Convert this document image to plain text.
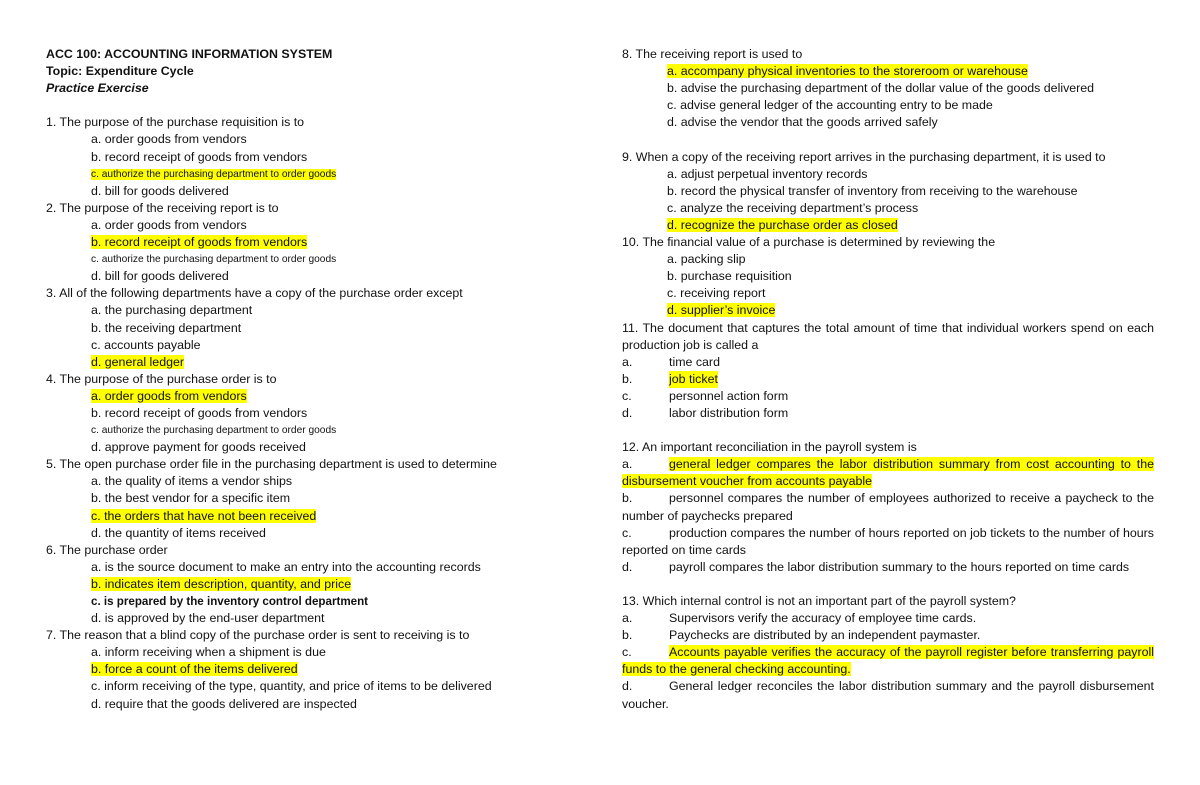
ACC 100: ACCOUNTING INFORMATION SYSTEM
Topic: Expenditure Cycle
Practice Exercise
1. The purpose of the purchase requisition is to
a. order goods from vendors
b. record receipt of goods from vendors
c. authorize the purchasing department to order goods
d. bill for goods delivered
2. The purpose of the receiving report is to
a. order goods from vendors
b. record receipt of goods from vendors
c. authorize the purchasing department to order goods
d. bill for goods delivered
3. All of the following departments have a copy of the purchase order except
a. the purchasing department
b. the receiving department
c. accounts payable
d. general ledger
4. The purpose of the purchase order is to
a. order goods from vendors
b. record receipt of goods from vendors
c. authorize the purchasing department to order goods
d. approve payment for goods received
5. The open purchase order file in the purchasing department is used to determine
a. the quality of items a vendor ships
b. the best vendor for a specific item
c. the orders that have not been received
d. the quantity of items received
6. The purchase order
a. is the source document to make an entry into the accounting records
b. indicates item description, quantity, and price
c. is prepared by the inventory control department
d. is approved by the end-user department
7. The reason that a blind copy of the purchase order is sent to receiving is to
a. inform receiving when a shipment is due
b. force a count of the items delivered
c. inform receiving of the type, quantity, and price of items to be delivered
d. require that the goods delivered are inspected
8. The receiving report is used to
a. accompany physical inventories to the storeroom or warehouse
b. advise the purchasing department of the dollar value of the goods delivered
c. advise general ledger of the accounting entry to be made
d. advise the vendor that the goods arrived safely
9. When a copy of the receiving report arrives in the purchasing department, it is used to
a. adjust perpetual inventory records
b. record the physical transfer of inventory from receiving to the warehouse
c. analyze the receiving department’s process
d. recognize the purchase order as closed
10. The financial value of a purchase is determined by reviewing the
a. packing slip
b. purchase requisition
c. receiving report
d. supplier’s invoice
11. The document that captures the total amount of time that individual workers spend on each production job is called a
a.	time card
b.	job ticket
c.	personnel action form
d.	labor distribution form
12. An important reconciliation in the payroll system is
a.	general ledger compares the labor distribution summary from cost accounting to the disbursement voucher from accounts payable
b.	personnel compares the number of employees authorized to receive a paycheck to the number of paychecks prepared
c.	production compares the number of hours reported on job tickets to the number of hours reported on time cards
d.	payroll compares the labor distribution summary to the hours reported on time cards
13. Which internal control is not an important part of the payroll system?
a.	Supervisors verify the accuracy of employee time cards.
b.	Paychecks are distributed by an independent paymaster.
c.	Accounts payable verifies the accuracy of the payroll register before transferring payroll funds to the general checking accounting.
d.	General ledger reconciles the labor distribution summary and the payroll disbursement voucher.
